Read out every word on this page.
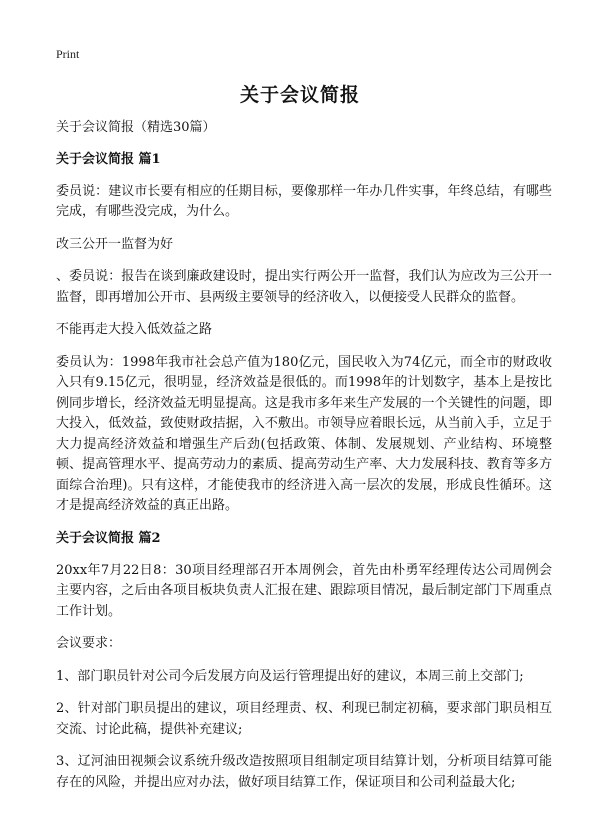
Print
关于会议简报

关于会议简报（精选30篇）

关于会议简报 篇1

委员说：建议市长要有相应的任期目标，要像那样一年办几件实事，年终总结，有哪些完成，有哪些没完成，为什么。

改三公开一监督为好

、委员说：报告在谈到廉政建设时，提出实行两公开一监督，我们认为应改为三公开一监督，即再增加公开市、县两级主要领导的经济收入，以便接受人民群众的监督。

不能再走大投入低效益之路

委员认为：1998年我市社会总产值为180亿元，国民收入为74亿元，而全市的财政收入只有9.15亿元，很明显，经济效益是很低的。而1998年的计划数字，基本上是按比例同步增长，经济效益无明显提高。这是我市多年来生产发展的一个关键性的问题，即大投入，低效益，致使财政拮据，入不敷出。市领导应着眼长远，从当前入手，立足于大力提高经济效益和增强生产后劲(包括政策、体制、发展规划、产业结构、环境整顿、提高管理水平、提高劳动力的素质、提高劳动生产率、大力发展科技、教育等多方面综合治理)。只有这样，才能使我市的经济进入高一层次的发展，形成良性循环。这才是提高经济效益的真正出路。

关于会议简报 篇2

20xx年7月22日8：30项目经理部召开本周例会，首先由朴勇军经理传达公司周例会主要内容，之后由各项目板块负责人汇报在建、跟踪项目情况，最后制定部门下周重点工作计划。

会议要求：

1、部门职员针对公司今后发展方向及运行管理提出好的建议，本周三前上交部门;

2、针对部门职员提出的建议，项目经理责、权、利现已制定初稿，要求部门职员相互交流、讨论此稿，提供补充建议;

3、辽河油田视频会议系统升级改造按照项目组制定项目结算计划，分析项目结算可能存在的风险，并提出应对办法，做好项目结算工作，保证项目和公司利益最大化;
